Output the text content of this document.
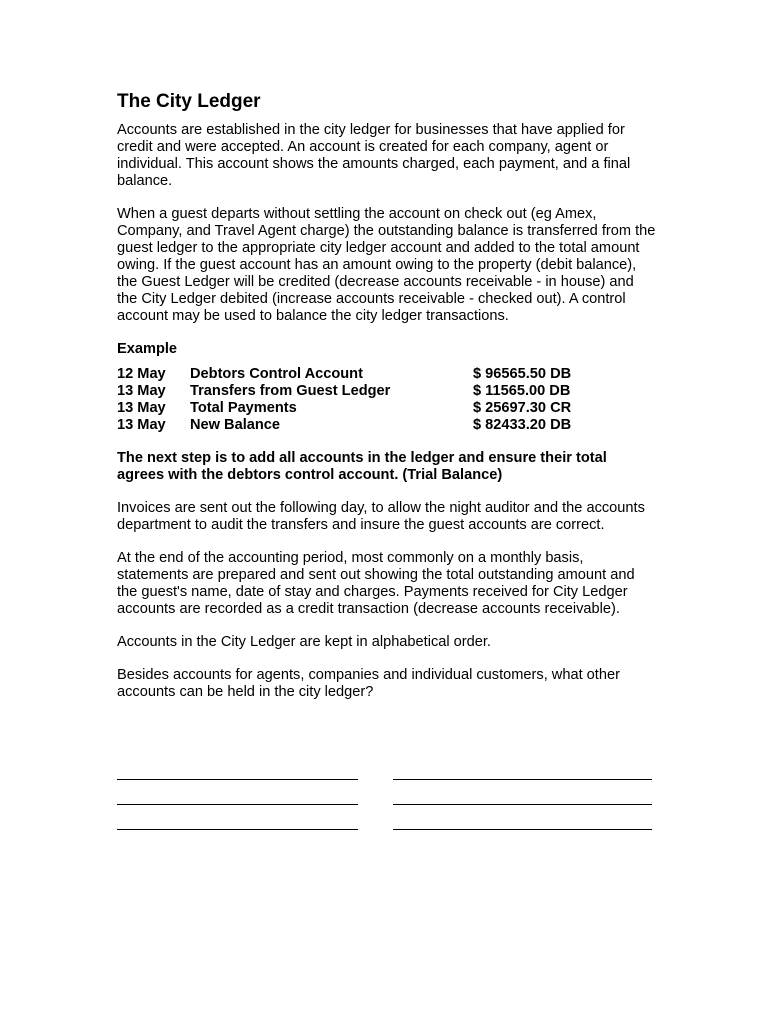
The City Ledger

Accounts are established in the city ledger for businesses that have applied for credit and were accepted. An account is created for each company, agent or individual. This account shows the amounts charged, each payment, and a final balance.

When a guest departs without settling the account on check out (eg Amex, Company, and Travel Agent charge) the outstanding balance is transferred from the guest ledger to the appropriate city ledger account and added to the total amount owing. If the guest account has an amount owing to the property (debit balance), the Guest Ledger will be credited (decrease accounts receivable - in house) and the City Ledger debited (increase accounts receivable - checked out). A control account may be used to balance the city ledger transactions.

Example
12 May	Debtors Control Account	$ 96565.50 DB
13 May	Transfers from Guest Ledger	$ 11565.00 DB
13 May	Total Payments	$ 25697.30 CR
13 May	New Balance	$ 82433.20 DB

The next step is to add all accounts in the ledger and ensure their total agrees with the debtors control account. (Trial Balance)

Invoices are sent out the following day, to allow the night auditor and the accounts department to audit the transfers and insure the guest accounts are correct.

At the end of the accounting period, most commonly on a monthly basis, statements are prepared and sent out showing the total outstanding amount and the guest's name, date of stay and charges. Payments received for City Ledger accounts are recorded as a credit transaction (decrease accounts receivable).

Accounts in the City Ledger are kept in alphabetical order.

Besides accounts for agents, companies and individual customers, what other accounts can be held in the city ledger?
